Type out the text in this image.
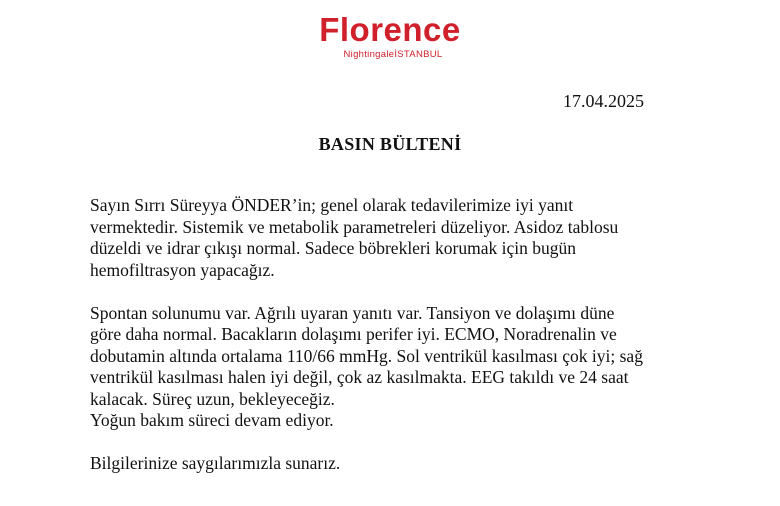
Florence
NightingaleİSTANBUL
17.04.2025
BASIN BÜLTENİ

Sayın Sırrı Süreyya ÖNDER’in; genel olarak tedavilerimize iyi yanıt
vermektedir. Sistemik ve metabolik parametreleri düzeliyor. Asidoz tablosu
düzeldi ve idrar çıkışı normal. Sadece böbrekleri korumak için bugün
hemofiltrasyon yapacağız.

Spontan solunumu var. Ağrılı uyaran yanıtı var. Tansiyon ve dolaşımı düne
göre daha normal. Bacakların dolaşımı perifer iyi. ECMO, Noradrenalin ve
dobutamin altında ortalama 110/66 mmHg. Sol ventrikül kasılması çok iyi; sağ
ventrikül kasılması halen iyi değil, çok az kasılmakta. EEG takıldı ve 24 saat
kalacak. Süreç uzun, bekleyeceğiz.
Yoğun bakım süreci devam ediyor.

Bilgilerinize saygılarımızla sunarız.
